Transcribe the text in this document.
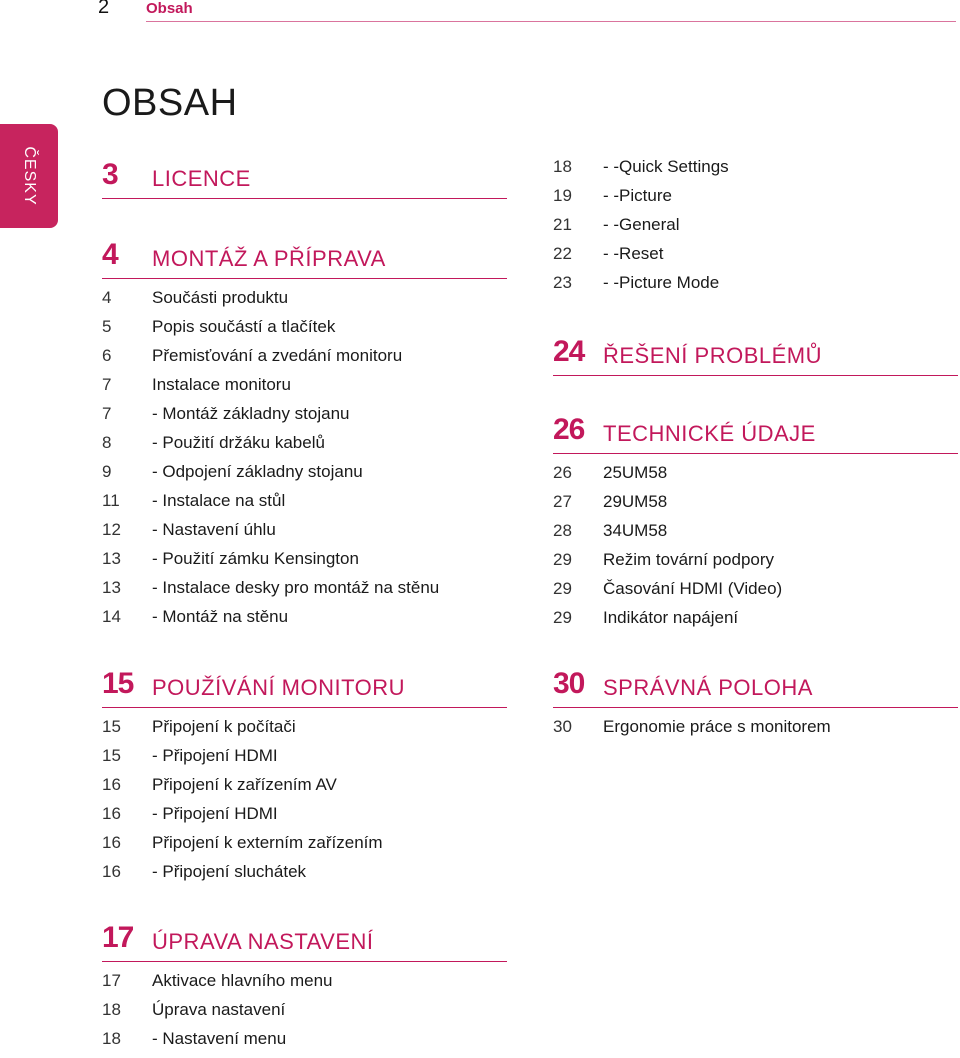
2 Obsah
ČESKY
OBSAH
3 LICENCE
4 MONTÁŽ A PŘÍPRAVA
4 Součásti produktu
5 Popis součástí a tlačítek
6 Přemisťování a zvedání monitoru
7 Instalace monitoru
7 - Montáž základny stojanu
8 - Použití držáku kabelů
9 - Odpojení základny stojanu
11 - Instalace na stůl
12 - Nastavení úhlu
13 - Použití zámku Kensington
13 - Instalace desky pro montáž na stěnu
14 - Montáž na stěnu
15 POUŽÍVÁNÍ MONITORU
15 Připojení k počítači
15 - Připojení HDMI
16 Připojení k zařízením AV
16 - Připojení HDMI
16 Připojení k externím zařízením
16 - Připojení sluchátek
17 ÚPRAVA NASTAVENÍ
17 Aktivace hlavního menu
18 Úprava nastavení
18 - Nastavení menu
18 - -Quick Settings
19 - -Picture
21 - -General
22 - -Reset
23 - -Picture Mode
24 ŘEŠENÍ PROBLÉMŮ
26 TECHNICKÉ ÚDAJE
26 25UM58
27 29UM58
28 34UM58
29 Režim tovární podpory
29 Časování HDMI (Video)
29 Indikátor napájení
30 SPRÁVNÁ POLOHA
30 Ergonomie práce s monitorem
